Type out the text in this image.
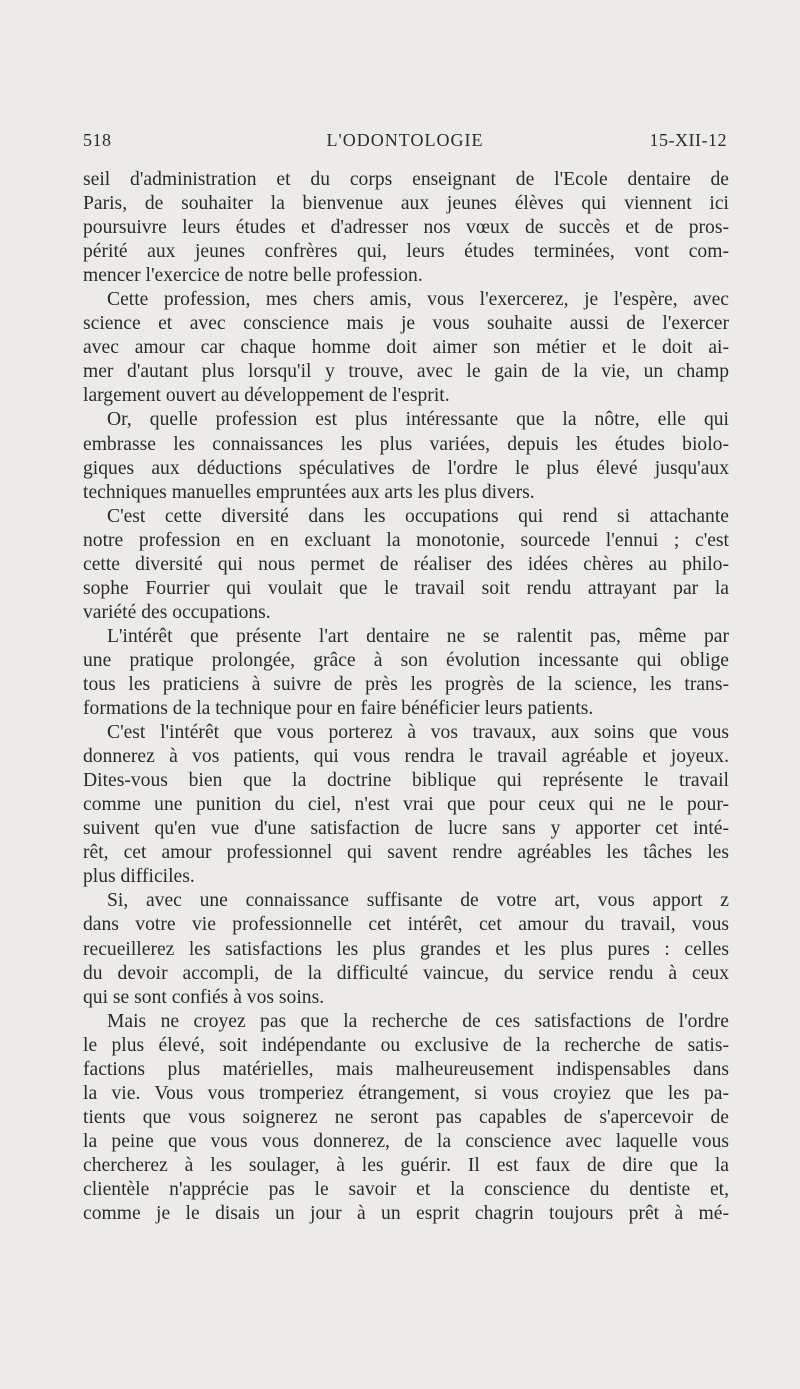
518	L'ODONTOLOGIE	15-XII-12

seil d'administration et du corps enseignant de l'Ecole dentaire de

Paris, de souhaiter la bienvenue aux jeunes élèves qui viennent ici

poursuivre leurs études et d'adresser nos vœux de succès et de pros-

périté aux jeunes confrères qui, leurs études terminées, vont com-

mencer l'exercice de notre belle profession.

Cette profession, mes chers amis, vous l'exercerez, je l'espère, avec

science et avec conscience mais je vous souhaite aussi de l'exercer

avec amour car chaque homme doit aimer son métier et le doit ai-

mer d'autant plus lorsqu'il y trouve, avec le gain de la vie, un champ

largement ouvert au développement de l'esprit.

Or, quelle profession est plus intéressante que la nôtre, elle qui

embrasse les connaissances les plus variées, depuis les études biolo-

giques aux déductions spéculatives de l'ordre le plus élevé jusqu'aux

techniques manuelles empruntées aux arts les plus divers.

C'est cette diversité dans les occupations qui rend si attachante

notre profession en en excluant la monotonie, sourcede l'ennui ; c'est

cette diversité qui nous permet de réaliser des idées chères au philo-

sophe Fourrier qui voulait que le travail soit rendu attrayant par la

variété des occupations.

L'intérêt que présente l'art dentaire ne se ralentit pas, même par

une pratique prolongée, grâce à son évolution incessante qui oblige

tous les praticiens à suivre de près les progrès de la science, les trans-

formations de la technique pour en faire bénéficier leurs patients.

C'est l'intérêt que vous porterez à vos travaux, aux soins que vous

donnerez à vos patients, qui vous rendra le travail agréable et joyeux.

Dites-vous bien que la doctrine biblique qui représente le travail

comme une punition du ciel, n'est vrai que pour ceux qui ne le pour-

suivent qu'en vue d'une satisfaction de lucre sans y apporter cet inté-

rêt, cet amour professionnel qui savent rendre agréables les tâches les

plus difficiles.

Si, avec une connaissance suffisante de votre art, vous apport z

dans votre vie professionnelle cet intérêt, cet amour du travail, vous

recueillerez les satisfactions les plus grandes et les plus pures : celles

du devoir accompli, de la difficulté vaincue, du service rendu à ceux

qui se sont confiés à vos soins.

Mais ne croyez pas que la recherche de ces satisfactions de l'ordre

le plus élevé, soit indépendante ou exclusive de la recherche de satis-

factions plus matérielles, mais malheureusement indispensables dans

la vie. Vous vous tromperiez étrangement, si vous croyiez que les pa-

tients que vous soignerez ne seront pas capables de s'apercevoir de

la peine que vous vous donnerez, de la conscience avec laquelle vous

chercherez à les soulager, à les guérir. Il est faux de dire que la

clientèle n'apprécie pas le savoir et la conscience du dentiste et,

comme je le disais un jour à un esprit chagrin toujours prêt à mé-
